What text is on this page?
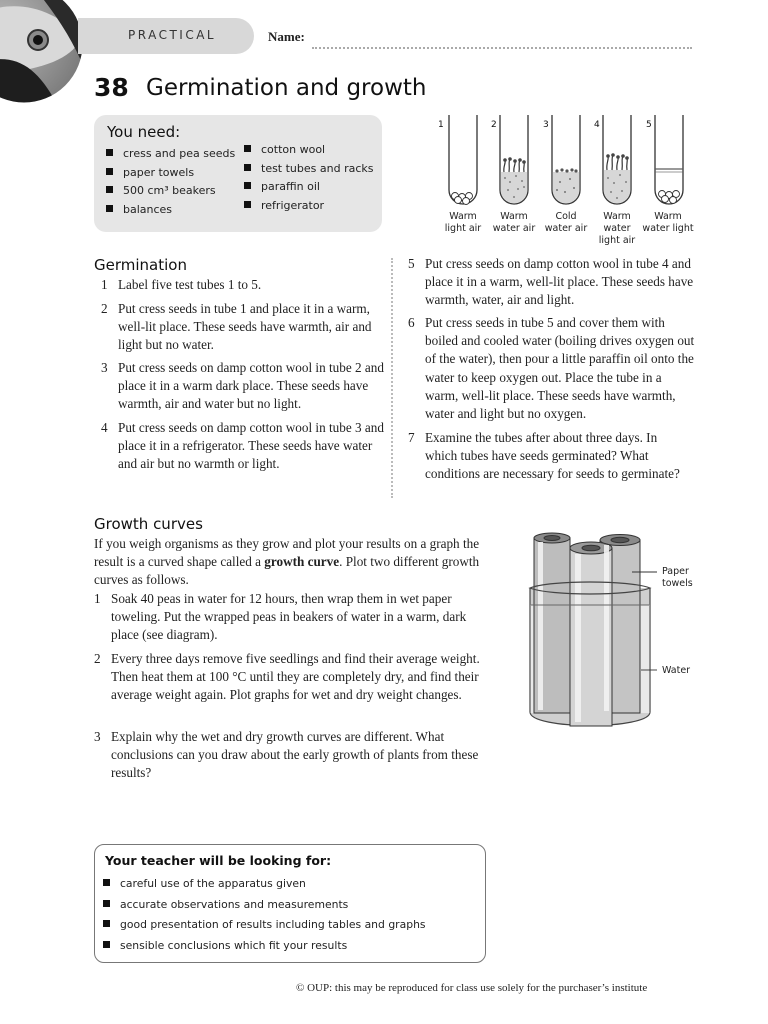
PRACTICAL	Name:
38 Germination and growth
You need:
cress and pea seeds
paper towels
500 cm³ beakers
balances
cotton wool
test tubes and racks
paraffin oil
refrigerator
1	2	3	4	5
Warm
light air
Warm
water air
Cold
water air
Warm
water
light air
Warm
water light
Germination
1 Label five test tubes 1 to 5.
2 Put cress seeds in tube 1 and place it in a warm, well-lit place. These seeds have warmth, air and light but no water.
3 Put cress seeds on damp cotton wool in tube 2 and place it in a warm dark place. These seeds have warmth, air and water but no light.
4 Put cress seeds on damp cotton wool in tube 3 and place it in a refrigerator. These seeds have water and air but no warmth or light.
5 Put cress seeds on damp cotton wool in tube 4 and place it in a warm, well-lit place. These seeds have warmth, water, air and light.
6 Put cress seeds in tube 5 and cover them with boiled and cooled water (boiling drives oxygen out of the water), then pour a little paraffin oil onto the water to keep oxygen out. Place the tube in a warm, well-lit place. These seeds have warmth, water and light but no oxygen.
7 Examine the tubes after about three days. In which tubes have seeds germinated? What conditions are necessary for seeds to germinate?
Growth curves
If you weigh organisms as they grow and plot your results on a graph the result is a curved shape called a growth curve. Plot two different growth curves as follows.
1 Soak 40 peas in water for 12 hours, then wrap them in wet paper toweling. Put the wrapped peas in beakers of water in a warm, dark place (see diagram).
2 Every three days remove five seedlings and find their average weight. Then heat them at 100 °C until they are completely dry, and find their average weight again. Plot graphs for wet and dry weight changes.
3 Explain why the wet and dry growth curves are different. What conclusions can you draw about the early growth of plants from these results?
Paper
towels
Water
Your teacher will be looking for:
careful use of the apparatus given
accurate observations and measurements
good presentation of results including tables and graphs
sensible conclusions which fit your results
© OUP: this may be reproduced for class use solely for the purchaser’s institute
